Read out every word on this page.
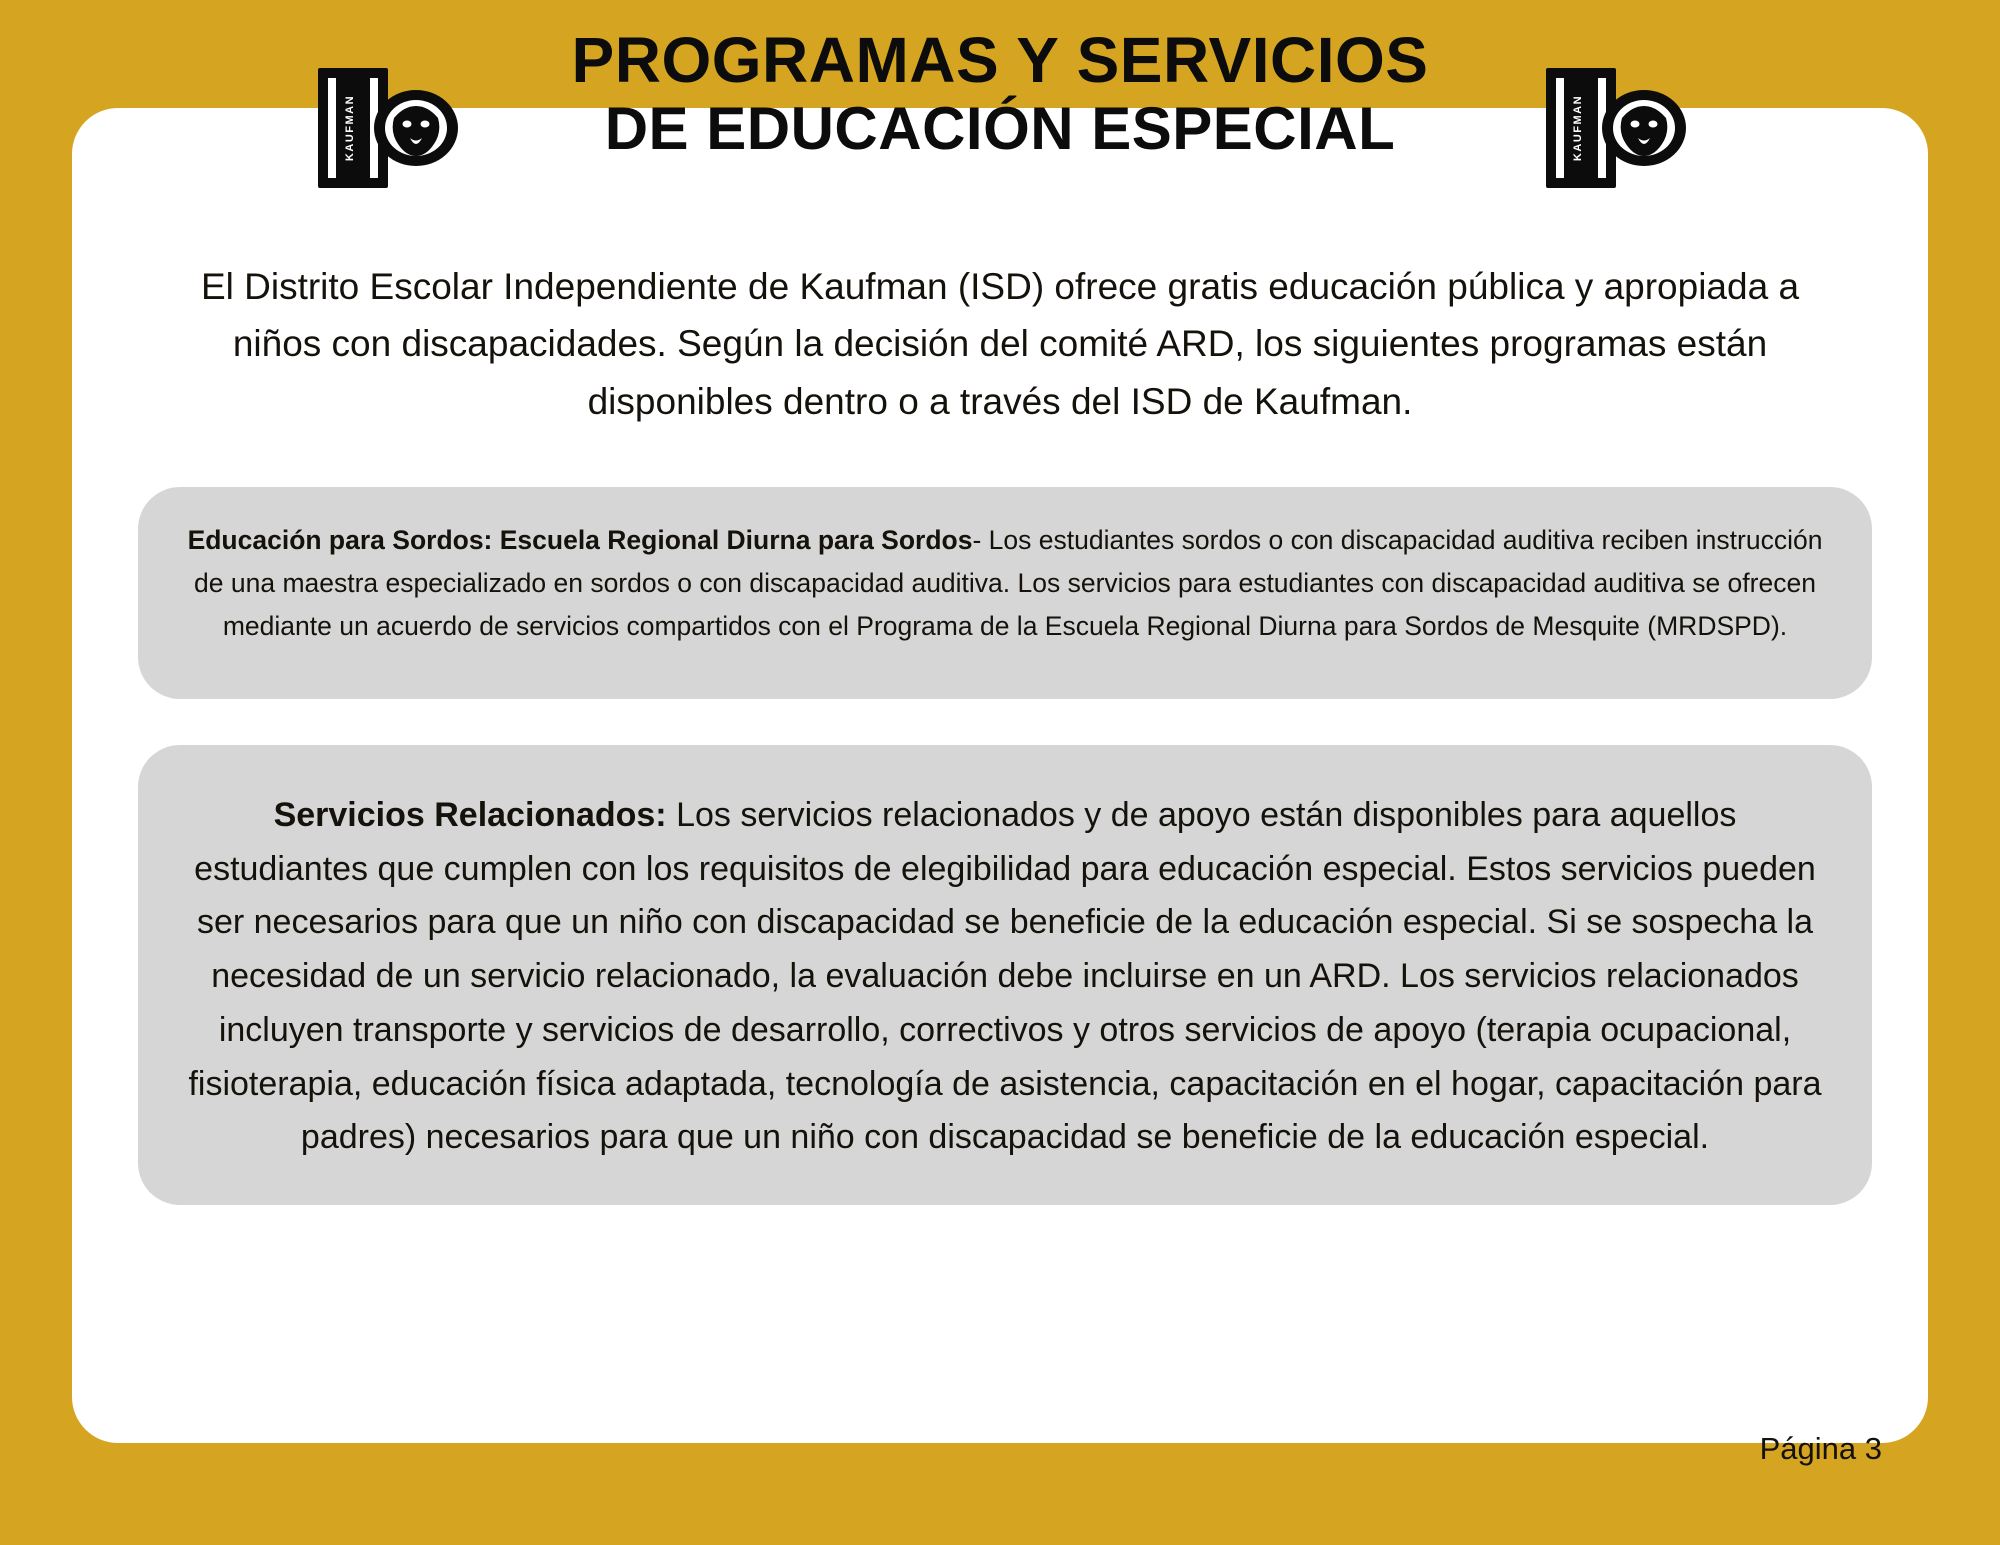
PROGRAMAS Y SERVICIOS
DE EDUCACIÓN ESPECIAL
KAUFMAN	KAUFMAN
El Distrito Escolar Independiente de Kaufman (ISD) ofrece gratis educación pública y apropiada a niños con discapacidades. Según la decisión del comité ARD, los siguientes programas están disponibles dentro o a través del ISD de Kaufman.
Educación para Sordos: Escuela Regional Diurna para Sordos- Los estudiantes sordos o con discapacidad auditiva reciben instrucción de una maestra especializado en sordos o con discapacidad auditiva. Los servicios para estudiantes con discapacidad auditiva se ofrecen mediante un acuerdo de servicios compartidos con el Programa de la Escuela Regional Diurna para Sordos de Mesquite (MRDSPD).
Servicios Relacionados: Los servicios relacionados y de apoyo están disponibles para aquellos estudiantes que cumplen con los requisitos de elegibilidad para educación especial. Estos servicios pueden ser necesarios para que un niño con discapacidad se beneficie de la educación especial. Si se sospecha la necesidad de un servicio relacionado, la evaluación debe incluirse en un ARD. Los servicios relacionados incluyen transporte y servicios de desarrollo, correctivos y otros servicios de apoyo (terapia ocupacional, fisioterapia, educación física adaptada, tecnología de asistencia, capacitación en el hogar, capacitación para padres) necesarios para que un niño con discapacidad se beneficie de la educación especial.
Página 3
